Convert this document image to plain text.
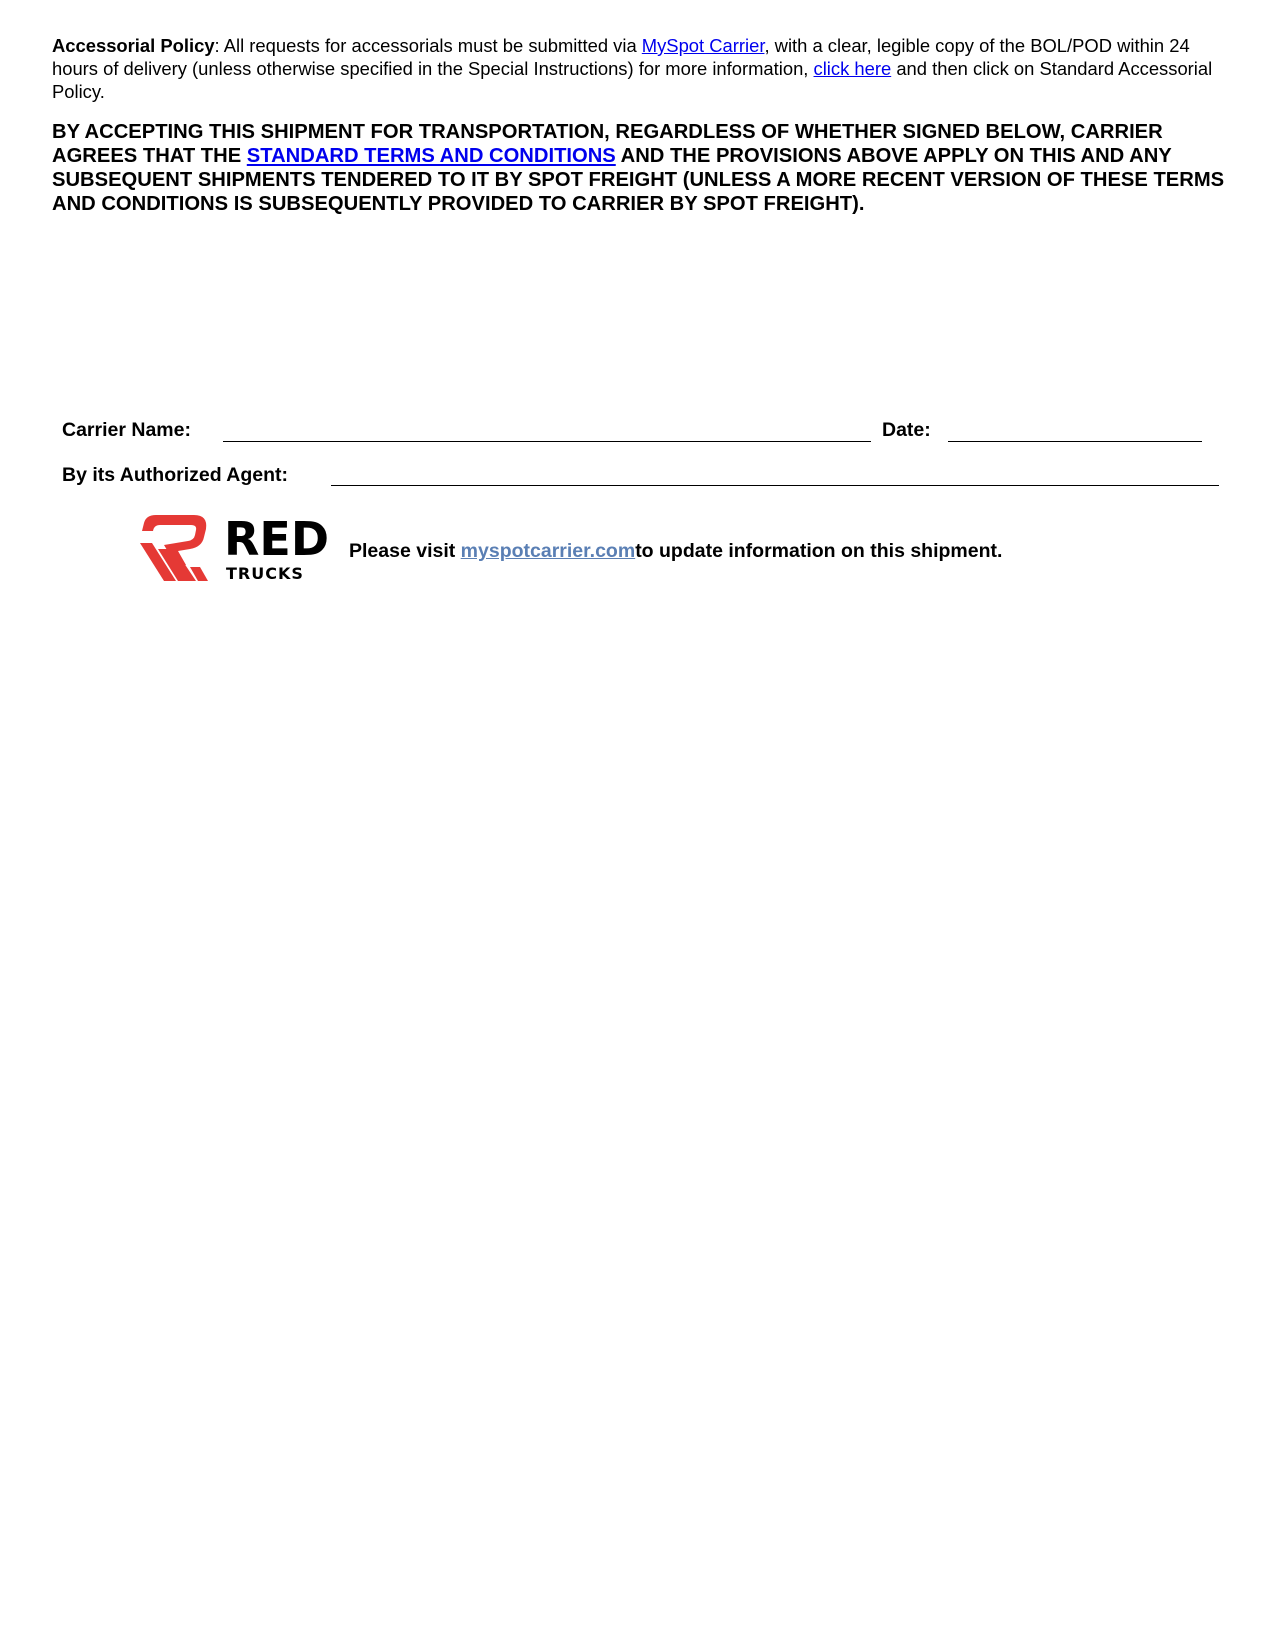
Accessorial Policy: All requests for accessorials must be submitted via MySpot Carrier, with a clear, legible copy of the BOL/POD within 24 hours of delivery (unless otherwise specified in the Special Instructions) for more information, click here and then click on Standard Accessorial Policy.
BY ACCEPTING THIS SHIPMENT FOR TRANSPORTATION, REGARDLESS OF WHETHER SIGNED BELOW, CARRIER AGREES THAT THE STANDARD TERMS AND CONDITIONS AND THE PROVISIONS ABOVE APPLY ON THIS AND ANY SUBSEQUENT SHIPMENTS TENDERED TO IT BY SPOT FREIGHT (UNLESS A MORE RECENT VERSION OF THESE TERMS AND CONDITIONS IS SUBSEQUENTLY PROVIDED TO CARRIER BY SPOT FREIGHT).
Carrier Name:	Date:
By its Authorized Agent:
RED
TRUCKS
Please visit myspotcarrier.comto update information on this shipment.
